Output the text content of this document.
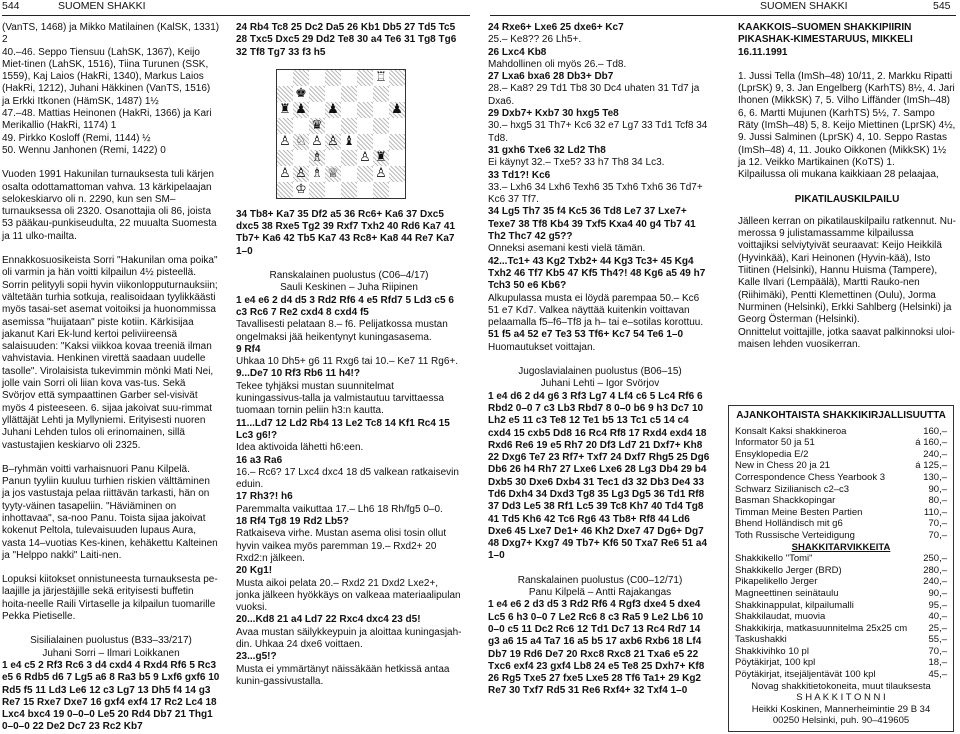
544	SUOMEN SHAKKI	SUOMEN SHAKKI	545

(VanTS, 1468) ja Mikko Matilainen (KalSK, 1331) 2

40.–46. Seppo Tiensuu (LahSK, 1367), Keijo Miet-tinen (LahSK, 1516), Tiina Turunen (SSK, 1559), Kaj Laios (HakRi, 1340), Markus Laios (HakRi, 1212), Juhani Häkkinen (VanTS, 1516) ja Erkki Itkonen (HämSK, 1487) 1½

47.–48. Mattias Heinonen (HakRi, 1366) ja Kari Merikallio (HakRi, 1174) 1

49. Pirkko Kosloff (Remi, 1144) ½

50. Wennu Janhonen (Remi, 1422) 0

Vuoden 1991 Hakunilan turnauksesta tuli kärjen osalta odottamattoman vahva. 13 kärkipelaajan selokeskiarvo oli n. 2290, kun sen SM–turnauksessa oli 2320. Osanottajia oli 86, joista 53 pääkau-punkiseudulta, 22 muualta Suomesta ja 11 ulko-mailta.

Ennakkosuosikeista Sorri "Hakunilan oma poika" oli varmin ja hän voitti kilpailun 4½ pisteellä. Sorrin pelityyli sopii hyvin viikonlopputurnauksiin; vältetään turhia sotkuja, realisoidaan tyylikkäästi myös tasai-set asemat voitoiksi ja huonommissa asemissa "huijataan" piste kotiin. Kärkisijaa jakanut Kari Ek-lund kertoi peliviireensä salaisuuden: "Kaksi viikkoa kovaa treeniä ilman vahvistavia. Henkinen virettä saadaan uudelle tasolle". Virolaisista tukevimmin mönki Mati Nei, jolle vain Sorri oli liian kova vas-tus. Sekä Svörjov että sympaattinen Garber sel-visivät myös 4 pisteeseen. 6. sijaa jakoivat suu-rimmat yllättäjät Lehti ja Myllyniemi. Erityisesti nuoren Juhani Lehden tulos oli erinomainen, sillä vastustajien keskiarvo oli 2325.

B–ryhmän voitti varhaisnuori Panu Kilpelä. Panun tyyliin kuuluu turhien riskien välttäminen ja jos vastustaja pelaa riittävän tarkasti, hän on tyyty-väinen tasapeliin. "Häviäminen on inhottavaa", sa-noo Panu. Toista sijaa jakoivat kokenut Peltola, tulevaisuuden lupaus Aura, vasta 14–vuotias Kes-kinen, kehäkettu Kalteinen ja "Helppo nakki" Laiti-nen.

Lopuksi kiitokset onnistuneesta turnauksesta pe-laajille ja järjestäjille sekä erityisesti buffetin hoita-neelle Raili Virtaselle ja kilpailun tuomarille Pekka Pietiselle.

Sisilialainen puolustus (B33–33/217)
Juhani Sorri – Ilmari Loikkanen
1 e4 c5 2 Rf3 Rc6 3 d4 cxd4 4 Rxd4 Rf6 5 Rc3 e5 6 Rdb5 d6 7 Lg5 a6 8 Ra3 b5 9 Lxf6 gxf6 10 Rd5 f5 11 Ld3 Le6 12 c3 Lg7 13 Dh5 f4 14 g3 Re7 15 Rxe7 Dxe7 16 gxf4 exf4 17 Rc2 Lc4 18 Lxc4 bxc4 19 0–0–0 Le5 20 Rd4 Db7 21 Thg1 0–0–0 22 De2 Dc7 23 Rc2 Kb7
24 Rb4 Tc8 25 Dc2 Da5 26 Kb1 Db5 27 Td5 Tc5 28 Txc5 Dxc5 29 Dd2 Te8 30 a4 Te6 31 Tg8 Tg6 32 Tf8 Tg7 33 f3 h5
♚
♜
♖
♟ ♟	♟
♛
♙ ♝
♘
♙ ♙
♙ ♜
♗
♙ ♙ ♕
♗	♙
♔
34 Tb8+ Ka7 35 Df2 a5 36 Rc6+ Ka6 37 Dxc5 dxc5 38 Rxe5 Tg2 39 Rxf7 Txh2 40 Rd6 Ka7 41 Tb7+ Ka6 42 Tb5 Ka7 43 Rc8+ Ka8 44 Re7 Ka7 1–0
Ranskalainen puolustus (C06–4/17)
Sauli Keskinen – Juha Riipinen
1 e4 e6 2 d4 d5 3 Rd2 Rf6 4 e5 Rfd7 5 Ld3 c5 6 c3 Rc6 7 Re2 cxd4 8 cxd4 f5
Tavallisesti pelataan 8.– f6. Pelijatkossa mustan ongelmaksi jää heikentynyt kuningasasema.
9 Rf4
Uhkaa 10 Dh5+ g6 11 Rxg6 tai 10.– Ke7 11 Rg6+.
9...De7 10 Rf3 Rb6 11 h4!?
Tekee tyhjäksi mustan suunnitelmat kuningassivus-talla ja valmistautuu tarvittaessa tuomaan tornin peliin h3:n kautta.
11...Ld7 12 Ld2 Rb4 13 Le2 Tc8 14 Kf1 Rc4 15 Lc3 g6!?
Idea aktivoida lähetti h6:een.
16 a3 Ra6
16.– Rc6? 17 Lxc4 dxc4 18 d5 valkean ratkaisevin eduin.
17 Rh3?! h6
Paremmalta vaikuttaa 17.– Lh6 18 Rh/fg5 0–0.
18 Rf4 Tg8 19 Rd2 Lb5?
Ratkaiseva virhe. Mustan asema olisi tosin ollut hyvin vaikea myös paremman 19.– Rxd2+ 20 Rxd2:n jälkeen.
20 Kg1!
Musta aikoi pelata 20.– Rxd2 21 Dxd2 Lxe2+, jonka jälkeen hyökkäys on valkeaa materiaalipulan vuoksi.
20...Kd8 21 a4 Ld7 22 Rxc4 dxc4 23 d5!
Avaa mustan säilykkeypuin ja aloittaa kuningasjah-din. Uhkaa 24 dxe6 voittaen.
23...g5!?
Musta ei ymmärtänyt näissäkään hetkissä antaa kunin-gassivustalla.
24 Rxe6+ Lxe6 25 dxe6+ Kc7
25.– Ke8?? 26 Lh5+.
26 Lxc4 Kb8
Mahdollinen oli myös 26.– Td8.
27 Lxa6 bxa6 28 Db3+ Db7
28.– Ka8? 29 Td1 Tb8 30 Dc4 uhaten 31 Td7 ja Dxa6.
29 Dxb7+ Kxb7 30 hxg5 Te8
30.– hxg5 31 Th7+ Kc6 32 e7 Lg7 33 Td1 Tcf8 34 Td8.
31 gxh6 Txe6 32 Ld2 Th8
Ei käynyt 32.– Txe5? 33 h7 Th8 34 Lc3.
33 Td1?! Kc6
33.– Lxh6 34 Lxh6 Texh6 35 Txh6 Txh6 36 Td7+ Kc6 37 Tf7.
34 Lg5 Th7 35 f4 Kc5 36 Td8 Le7 37 Lxe7+ Texe7 38 Tf8 Kb4 39 Txf5 Kxa4 40 g4 Tb7 41 Th2 Thc7 42 g5??
Onneksi asemani kesti vielä tämän.
42...Tc1+ 43 Kg2 Txb2+ 44 Kg3 Tc3+ 45 Kg4 Txh2 46 Tf7 Kb5 47 Kf5 Th4?! 48 Kg6 a5 49 h7 Tch3 50 e6 Kb6?
Alkupulassa musta ei löydä parempaa 50.– Kc6 51 e7 Kd7. Valkea näyttää kuitenkin voittavan pelaamalla f5–f6–Tf8 ja h– tai e–sotilas korottuu.
51 f5 a4 52 e7 Te3 53 Tf6+ Kc7 54 Te6 1–0
Huomautukset voittajan.
Jugoslavialainen puolustus (B06–15)
Juhani Lehti – Igor Svörjov
1 e4 d6 2 d4 g6 3 Rf3 Lg7 4 Lf4 c6 5 Lc4 Rf6 6 Rbd2 0–0 7 c3 Lb3 Rbd7 8 0–0 b6 9 h3 Dc7 10 Lh2 e5 11 c3 Te8 12 Te1 b5 13 Tc1 c5 14 c4 cxd4 15 cxb5 Dd8 16 Rc4 Rf8 17 Rxd4 exd4 18 Rxd6 Re6 19 e5 Rh7 20 Df3 Ld7 21 Dxf7+ Kh8 22 Dxg6 Te7 23 Rf7+ Txf7 24 Dxf7 Rhg5 25 Dg6 Db6 26 h4 Rh7 27 Lxe6 Lxe6 28 Lg3 Db4 29 b4 Dxb5 30 Dxe6 Dxb4 31 Tec1 d3 32 Db3 De4 33 Td6 Dxh4 34 Dxd3 Tg8 35 Lg3 Dg5 36 Td1 Rf8 37 Dd3 Le5 38 Rf1 Lc5 39 Tc8 Kh7 40 Td4 Tg8 41 Td5 Kh6 42 Tc6 Rg6 43 Tb8+ Rf8 44 Ld6 Dxe6 45 Lxe7 De1+ 46 Kh2 Dxe7 47 Dg6+ Dg7 48 Dxg7+ Kxg7 49 Tb7+ Kf6 50 Txa7 Re6 51 a4 1–0
Ranskalainen puolustus (C00–12/71)
Panu Kilpelä – Antti Rajakangas
1 e4 e6 2 d3 d5 3 Rd2 Rf6 4 Rgf3 dxe4 5 dxe4 Lc5 6 h3 0–0 7 Le2 Rc6 8 c3 Ra5 9 Le2 Lb6 10 0–0 c5 11 Dc2 Rc6 12 Td1 Dc7 13 Rc4 Rd7 14 g3 a6 15 a4 Ta7 16 a5 b5 17 axb6 Rxb6 18 Lf4 Db7 19 Rd6 De7 20 Rxc8 Rxc8 21 Txa6 e5 22 Txc6 exf4 23 gxf4 Lb8 24 e5 Te8 25 Dxh7+ Kf8 26 Rg5 Txe5 27 fxe5 Lxe5 28 Tf6 Ta1+ 29 Kg2 Re7 30 Txf7 Rd5 31 Re6 Rxf4+ 32 Txf4 1–0
KAAKKOIS–SUOMEN SHAKKIPIIRIN PIKASHAK-KIMESTARUUS, MIKKELI 16.11.1991
1. Jussi Tella (ImSh–48) 10/11, 2. Markku Ripatti (LprSK) 9, 3. Jan Engelberg (KarhTS) 8½, 4. Jari Ihonen (MikkSK) 7, 5. Vilho Liffänder (ImSh–48) 6, 6. Martti Mujunen (KarhTS) 5½, 7. Sampo Räty (ImSh–48) 5, 8. Keijo Miettinen (LprSK) 4½, 9. Jussi Salminen (LprSK) 4, 10. Seppo Rastas (ImSh–48) 4, 11. Jouko Oikkonen (MikkSK) 1½ ja 12. Veikko Martikainen (KoTS) 1.
Kilpailussa oli mukana kaikkiaan 28 pelaajaa,
PIKATILAUSKILPAILU
Jälleen kerran on pikatilauskilpailu ratkennut. Nu-merossa 9 julistamassamme kilpailussa voittajiksi selviytyivät seuraavat: Keijo Heikkilä (Hyvinkää), Kari Heinonen (Hyvin-kää), Isto Tiitinen (Helsinki), Hannu Huisma (Tampere), Kalle Ilvari (Lempäälä), Martti Rauko-nen (Riihimäki), Pentti Klemettinen (Oulu), Jorma Nurminen (Helsinki), Erkki Sahlberg (Helsinki) ja Georg Österman (Helsinki).
Onnittelut voittajille, jotka saavat palkinnoksi uloi-maisen lehden vuosikerran.
AJANKOHTAISTA SHAKKIKIRJALLISUUTTA
Konsalt Kaksi shakkineroa	160,–
Informator 50 ja 51	á 160,–
Ensyklopedia E/2	240,–
New in Chess 20 ja 21	á 125,–
Correspondence Chess Yearbook 3	130,–
Schwarz Sizilianisch c2–c3	90,–
Basman Shackkopingar	80,–
Timman Meine Besten Partien	110,–
Bhend Holländisch mit g6	70,–
Toth Russische Verteidigung	70,–
SHAKKITARVIKKEITA
Shakkikello "Tomi"	250,–
Shakkikello Jerger (BRD)	280,–
Pikapelikello Jerger	240,–
Magneettinen seinätaulu	90,–
Shakkinappulat, kilpailumalli	95,–
Shakkilaudat, muovia	40,–
Shakkikirja, matkasuunnitelma 25x25 cm 25,–
Taskushakki	55,–
Shakkivihko 10 pl	70,–
Pöytäkirjat, 100 kpl	18,–
Pöytäkirjat, itsejäljentävät 100 kpl	45,–
Novag shakkitietokoneita, muut tilauksesta
S H A K K I T O N N I
Heikki Koskinen, Mannerheimintie 29 B 34
00250 Helsinki, puh. 90–419605
